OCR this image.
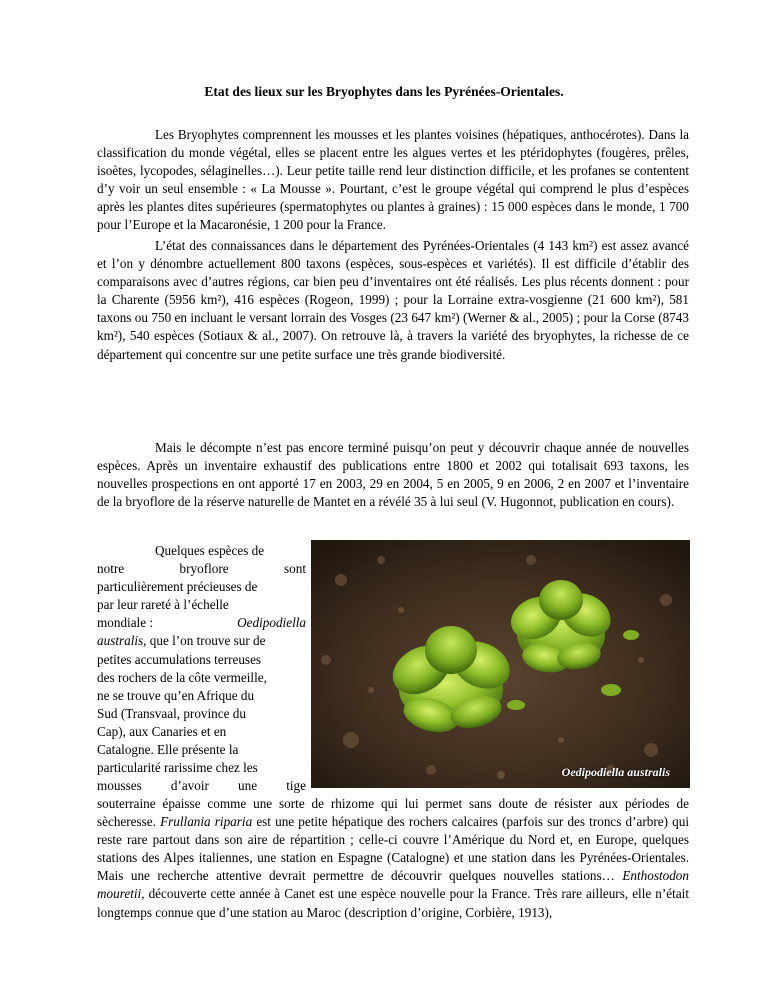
Etat des lieux sur les Bryophytes dans les Pyrénées-Orientales.

Les Bryophytes comprennent les mousses et les plantes voisines (hépatiques, anthocérotes). Dans la classification du monde végétal, elles se placent entre les algues vertes et les ptéridophytes (fougères, prêles, isoètes, lycopodes, sélaginelles…). Leur petite taille rend leur distinction difficile, et les profanes se contentent d’y voir un seul ensemble : « La Mousse ». Pourtant, c’est le groupe végétal qui comprend le plus d’espèces après les plantes dites supérieures (spermatophytes ou plantes à graines) : 15 000 espèces dans le monde, 1 700 pour l’Europe et la Macaronésie, 1 200 pour la France.

L’état des connaissances dans le département des Pyrénées-Orientales (4 143 km²) est assez avancé et l’on y dénombre actuellement 800 taxons (espèces, sous-espèces et variétés). Il est difficile d’établir des comparaisons avec d’autres régions, car bien peu d’inventaires ont été réalisés. Les plus récents donnent : pour la Charente (5956 km²), 416 espèces (Rogeon, 1999) ; pour la Lorraine extra-vosgienne (21 600 km²), 581 taxons ou 750 en incluant le versant lorrain des Vosges (23 647 km²) (Werner & al., 2005) ; pour la Corse (8743 km²), 540 espèces (Sotiaux & al., 2007). On retrouve là, à travers la variété des bryophytes, la richesse de ce département qui concentre sur une petite surface une très grande biodiversité.

Mais le décompte n’est pas encore terminé puisqu’on peut y découvrir chaque année de nouvelles espèces. Après un inventaire exhaustif des publications entre 1800 et 2002 qui totalisait 693 taxons, les nouvelles prospections en ont apporté 17 en 2003, 29 en 2004, 5 en 2005, 9 en 2006, 2 en 2007 et l’inventaire de la bryoflore de la réserve naturelle de Mantet en a révélé 35 à lui seul (V. Hugonnot, publication en cours).

Quelques espèces de
notre	bryoflore	sont
particulièrement précieuses de
par leur rareté à l’échelle
mondiale :	Oedipodiella
australis, que l’on trouve sur de
petites accumulations terreuses
des rochers de la côte vermeille,
ne se trouve qu’en Afrique du
Sud (Transvaal, province du
Cap), aux Canaries et en
Catalogne. Elle présente la
particularité rarissime chez les
mousses d’avoir une tige
Oedipodiella australis

souterraine épaisse comme une sorte de rhizome qui lui permet sans doute de résister aux périodes de sècheresse. Frullania riparia est une petite hépatique des rochers calcaires (parfois sur des troncs d’arbre) qui reste rare partout dans son aire de répartition ; celle-ci couvre l’Amérique du Nord et, en Europe, quelques stations des Alpes italiennes, une station en Espagne (Catalogne) et une station dans les Pyrénées-Orientales. Mais une recherche attentive devrait permettre de découvrir quelques nouvelles stations… Enthostodon mouretii, découverte cette année à Canet est une espèce nouvelle pour la France. Très rare ailleurs, elle n’était longtemps connue que d’une station au Maroc (description d’origine, Corbière, 1913),
